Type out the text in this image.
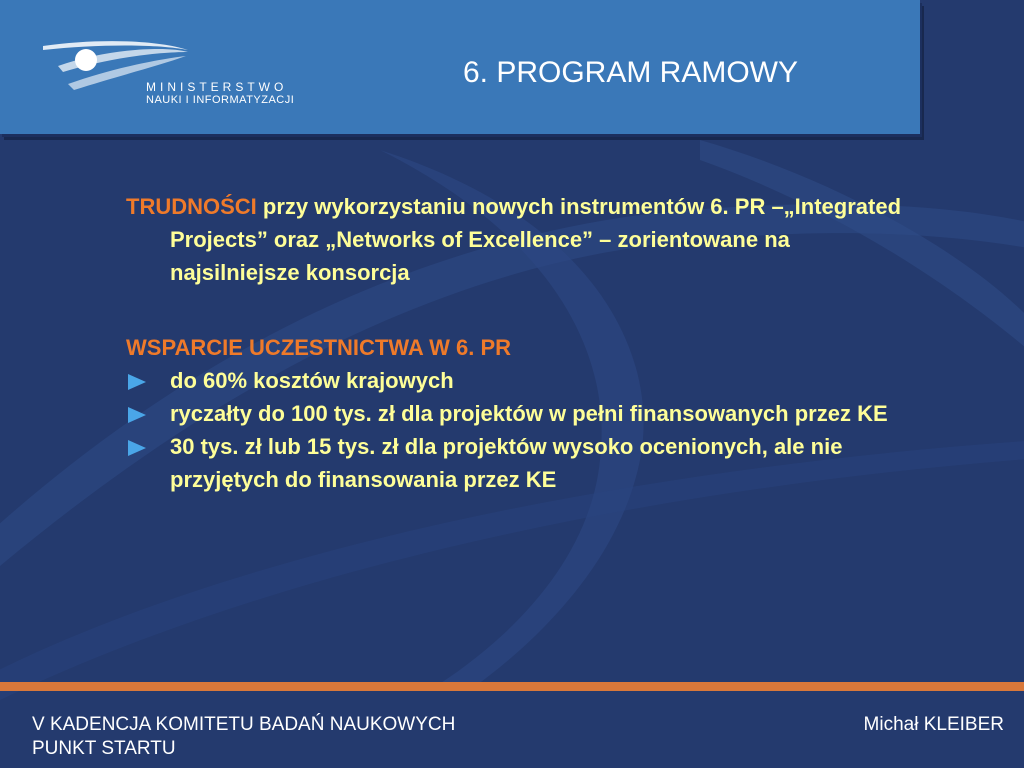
MINISTERSTWO
NAUKI I INFORMATYZACJI
6. PROGRAM RAMOWY

TRUDNOŚCI przy wykorzystaniu nowych instrumentów 6. PR –„Integrated Projects” oraz „Networks of Excellence” – zorientowane na najsilniejsze konsorcja

WSPARCIE UCZESTNICTWA W 6. PR

do 60% kosztów krajowych

ryczałty do 100 tys. zł dla projektów w pełni finansowanych przez KE

30 tys. zł lub 15 tys. zł dla projektów wysoko ocenionych, ale nie przyjętych do finansowania przez KE

V KADENCJA KOMITETU BADAŃ NAUKOWYCH
PUNKT STARTU
Michał KLEIBER
